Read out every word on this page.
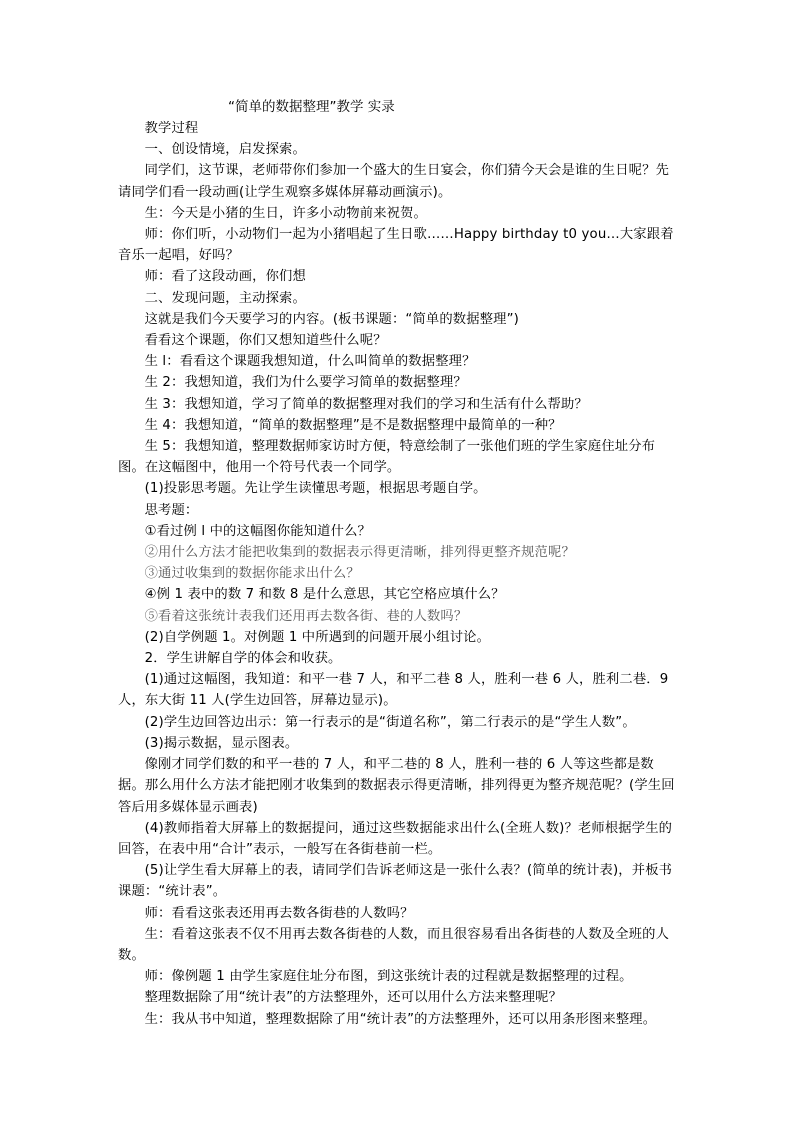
“简单的数据整理”教学 实录

教学过程

一、创设情境，启发探索。

同学们，这节课，老师带你们参加一个盛大的生日宴会，你们猜今天会是谁的生日呢？先请同学们看一段动画(让学生观察多媒体屏幕动画演示)。

生：今天是小猪的生日，许多小动物前来祝贺。

师：你们听，小动物们一起为小猪唱起了生日歌……Happy birthday t0 you…大家跟着音乐一起唱，好吗？

师：看了这段动画，你们想

二、发现问题，主动探索。

这就是我们今天要学习的内容。(板书课题：“简单的数据整理”)

看看这个课题，你们又想知道些什么呢？

生 l：看看这个课题我想知道，什么叫简单的数据整理？

生 2：我想知道，我们为什么要学习简单的数据整理？

生 3：我想知道，学习了简单的数据整理对我们的学习和生活有什么帮助？

生 4：我想知道，“简单的数据整理”是不是数据整理中最简单的一种？

生 5：我想知道，整理数据师家访时方便，特意绘制了一张他们班的学生家庭住址分布图。在这幅图中，他用一个符号代表一个同学。

(1)投影思考题。先让学生读懂思考题，根据思考题自学。

思考题：

①看过例 l 中的这幅图你能知道什么？

②用什么方法才能把收集到的数据表示得更清晰，排列得更整齐规范呢？

③通过收集到的数据你能求出什么？

④例 1 表中的数 7 和数 8 是什么意思，其它空格应填什么？

⑤看着这张统计表我们还用再去数各街、巷的人数吗？

(2)自学例题 1。对例题 1 中所遇到的问题开展小组讨论。

2．学生讲解自学的体会和收获。

(1)通过这幅图，我知道：和平一巷 7 人，和平二巷 8 人，胜利一巷 6 人，胜利二巷．9人，东大街 11 人(学生边回答，屏幕边显示)。

(2)学生边回答边出示：第一行表示的是“街道名称”，第二行表示的是“学生人数”。

(3)揭示数据，显示图表。

像刚才同学们数的和平一巷的 7 人，和平二巷的 8 人，胜利一巷的 6 人等这些都是数据。那么用什么方法才能把刚才收集到的数据表示得更清晰，排列得更为整齐规范呢？(学生回答后用多媒体显示画表)

(4)教师指着大屏幕上的数据提问，通过这些数据能求出什么(全班人数)？老师根据学生的回答，在表中用“合计”表示，一般写在各街巷前一栏。

(5)让学生看大屏幕上的表，请同学们告诉老师这是一张什么表？(简单的统计表)，并板书课题：“统计表”。

师：看看这张表还用再去数各街巷的人数吗？

生：看着这张表不仅不用再去数各街巷的人数，而且很容易看出各街巷的人数及全班的人数。

师：像例题 1 由学生家庭住址分布图，到这张统计表的过程就是数据整理的过程。

整理数据除了用“统计表”的方法整理外，还可以用什么方法来整理呢？

生：我从书中知道，整理数据除了用“统计表”的方法整理外，还可以用条形图来整理。
